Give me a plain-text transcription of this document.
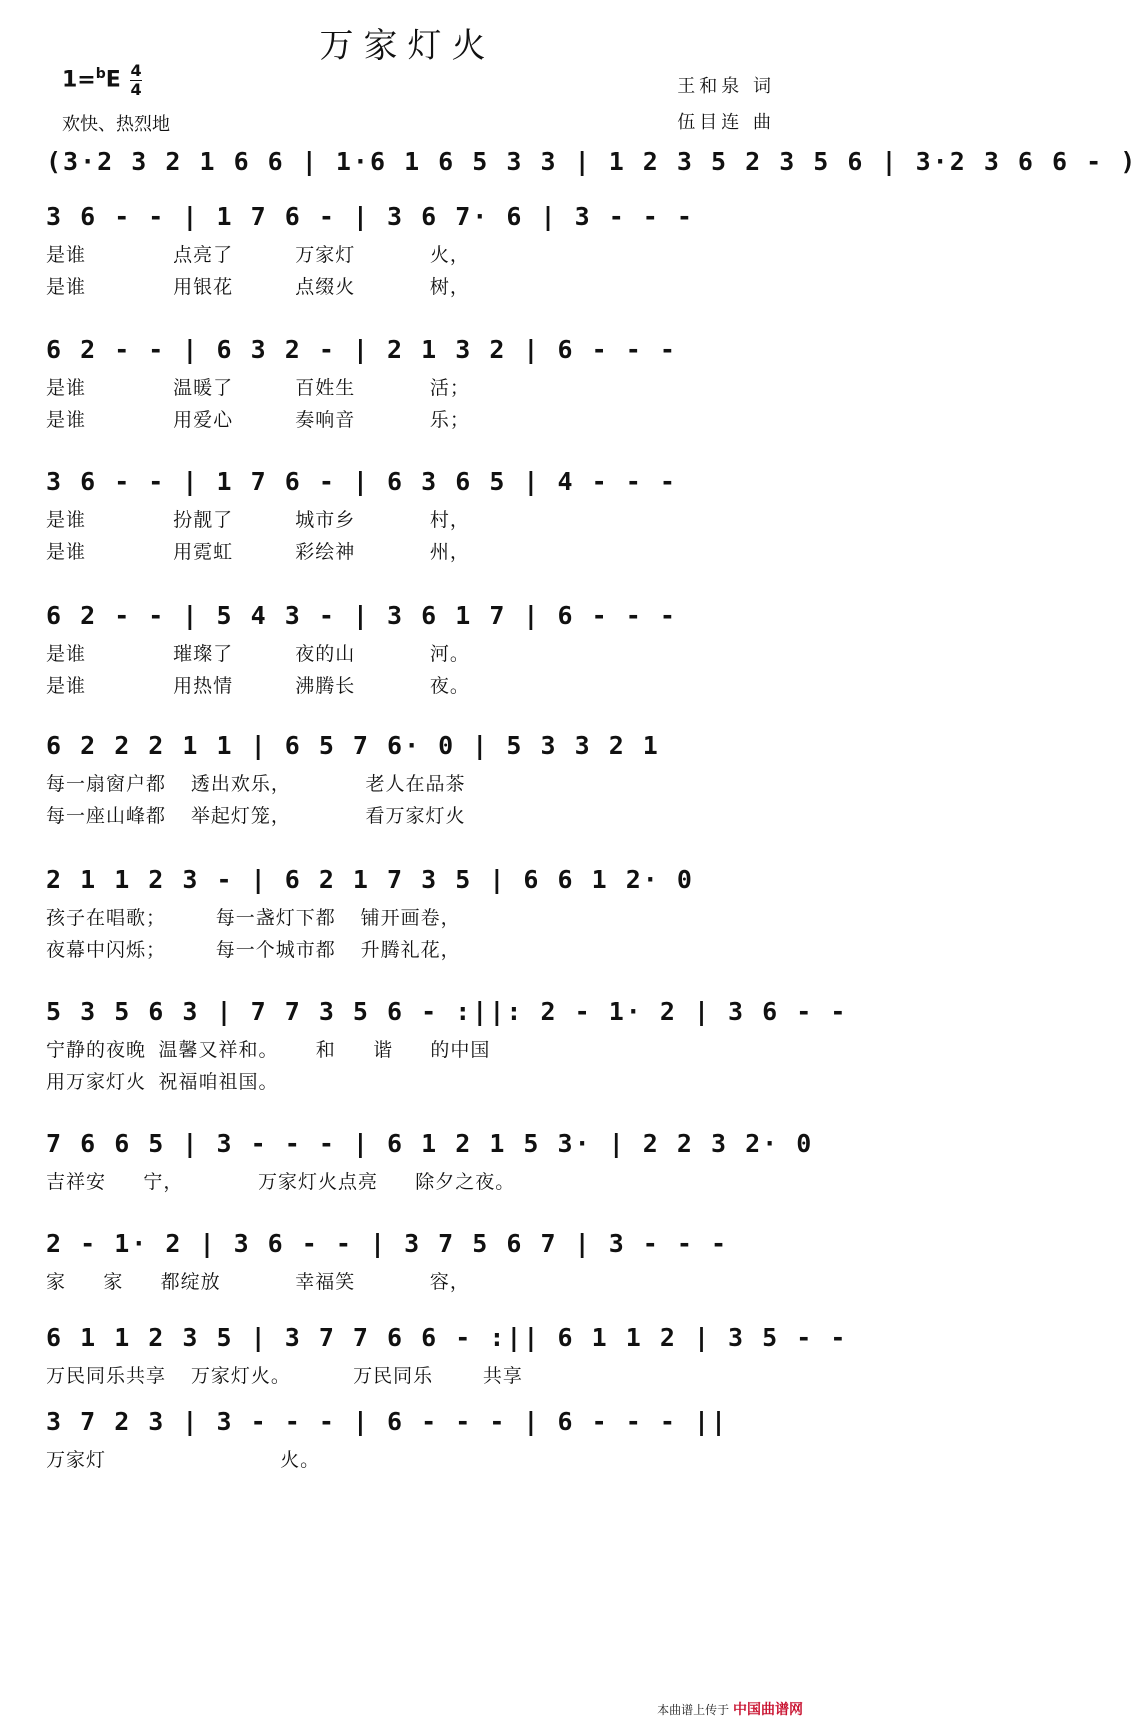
万家灯火
$1=^bE \frac{4}{4}$
欢快、热烈地
王和泉 词
伍目连 曲
(3·2 3 2 1 6 6 | 1·6 1 6 5 3 3 | 1 2 3 5 2 3 5 6 | 3·2 3 6 6 - )
3 6 - - | 1 7 6 - | 3 6 7· 6 | 3 - - -
是谁       点亮了     万家灯      火，
是谁       用银花     点缀火      树，
6 2 - - | 6 3 2 - | 2 1 3 2 | 6 - - -
是谁       温暖了     百姓生      活；
是谁       用爱心     奏响音      乐；
3 6 - - | 1 7 6 - | 6 3 6 5 | 4 - - -
是谁       扮靓了     城市乡      村，
是谁       用霓虹     彩绘神      州，
6 2 - - | 5 4 3 - | 3 6 1 7 | 6 - - -
是谁       璀璨了     夜的山      河。
是谁       用热情     沸腾长      夜。
6 2 2 2 1 1 | 6 5 7 6· 0 | 5 3 3 2 1
每一扇窗户都  透出欢乐，      老人在品茶
每一座山峰都  举起灯笼，      看万家灯火
2 1 1 2 3 - | 6 2 1 7 3 5 | 6 6 1 2· 0
孩子在唱歌；    每一盏灯下都  铺开画卷，
夜幕中闪烁；    每一个城市都  升腾礼花，
5 3 5 6 3 | 7 7 3 5 6 - :||: 2 - 1· 2 | 3 6 - -
宁静的夜晚 温馨又祥和。   和   谐   的中国
用万家灯火 祝福咱祖国。
7 6 6 5 | 3 - - - | 6 1 2 1 5 3· | 2 2 3 2· 0
吉祥安   宁，      万家灯火点亮   除夕之夜。
2 - 1· 2 | 3 6 - - | 3 7 5 6 7 | 3 - - -
家   家   都绽放      幸福笑      容，
6 1 1 2 3 5 | 3 7 7 6 6 - :|| 6 1 1 2 | 3 5 - -
万民同乐共享  万家灯火。     万民同乐    共享
3 7 2 3 | 3 - - - | 6 - - - | 6 - - - ||
万家灯              火。
本曲谱上传于 中国曲谱网
